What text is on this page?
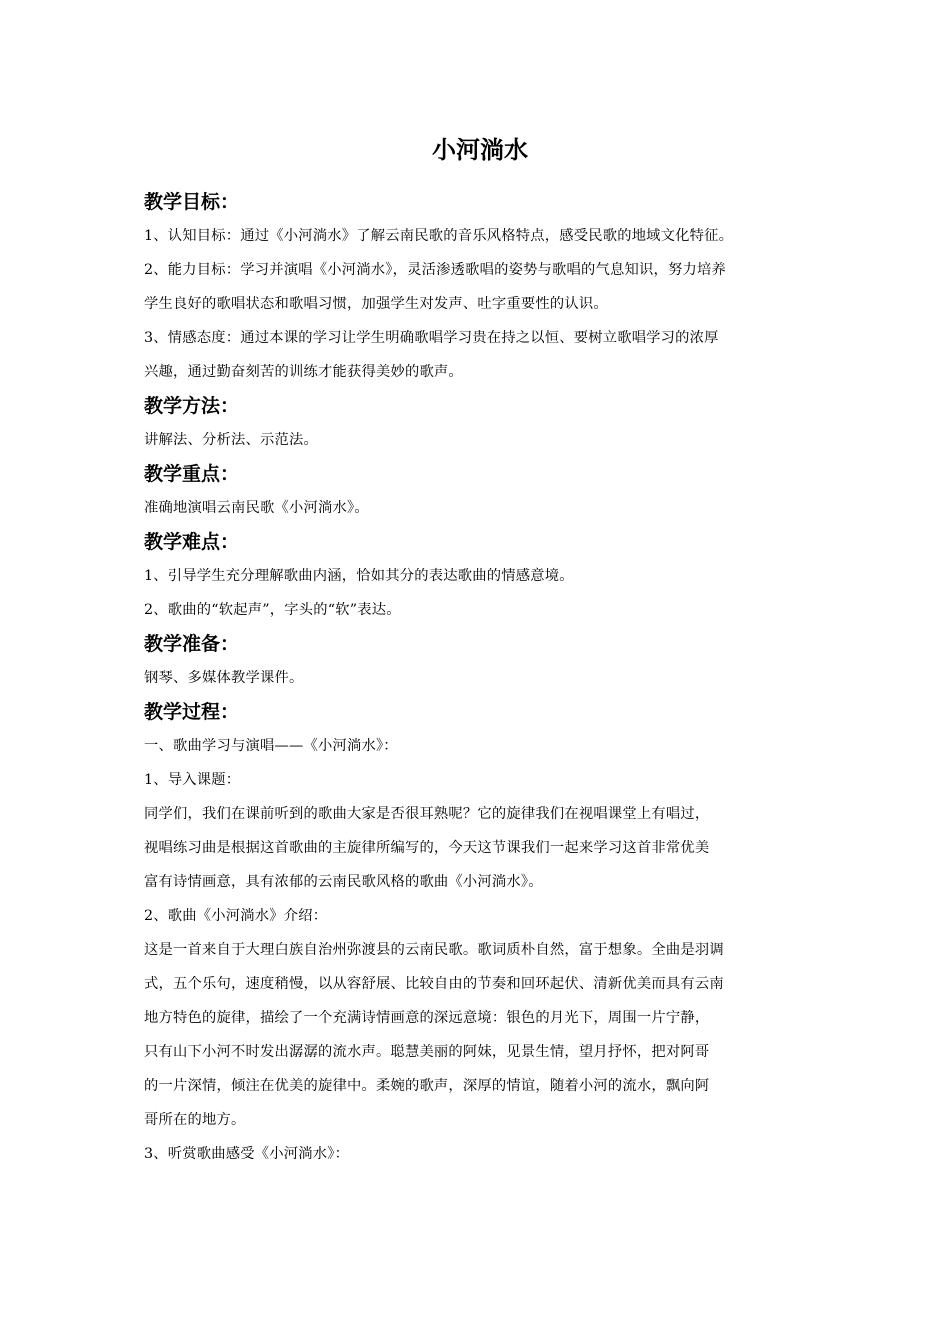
小河淌水
教学目标：
1、认知目标：通过《小河淌水》了解云南民歌的音乐风格特点，感受民歌的地域文化特征。
2、能力目标：学习并演唱《小河淌水》，灵活渗透歌唱的姿势与歌唱的气息知识，努力培养
学生良好的歌唱状态和歌唱习惯，加强学生对发声、吐字重要性的认识。
3、情感态度：通过本课的学习让学生明确歌唱学习贵在持之以恒、要树立歌唱学习的浓厚
兴趣，通过勤奋刻苦的训练才能获得美妙的歌声。
教学方法：
讲解法、分析法、示范法。
教学重点：
准确地演唱云南民歌《小河淌水》。
教学难点：
1、引导学生充分理解歌曲内涵，恰如其分的表达歌曲的情感意境。
2、歌曲的“软起声”，字头的“软”表达。
教学准备：
钢琴、多媒体教学课件。
教学过程：
一、歌曲学习与演唱——《小河淌水》：
1、导入课题：
同学们，我们在课前听到的歌曲大家是否很耳熟呢？它的旋律我们在视唱课堂上有唱过，
视唱练习曲是根据这首歌曲的主旋律所编写的，今天这节课我们一起来学习这首非常优美
富有诗情画意，具有浓郁的云南民歌风格的歌曲《小河淌水》。
2、歌曲《小河淌水》介绍：
这是一首来自于大理白族自治州弥渡县的云南民歌。歌词质朴自然，富于想象。全曲是羽调
式，五个乐句，速度稍慢，以从容舒展、比较自由的节奏和回环起伏、清新优美而具有云南
地方特色的旋律，描绘了一个充满诗情画意的深远意境：银色的月光下，周围一片宁静，
只有山下小河不时发出潺潺的流水声。聪慧美丽的阿妹，见景生情，望月抒怀，把对阿哥
的一片深情，倾注在优美的旋律中。柔婉的歌声，深厚的情谊，随着小河的流水，飘向阿
哥所在的地方。
3、听赏歌曲感受《小河淌水》：
